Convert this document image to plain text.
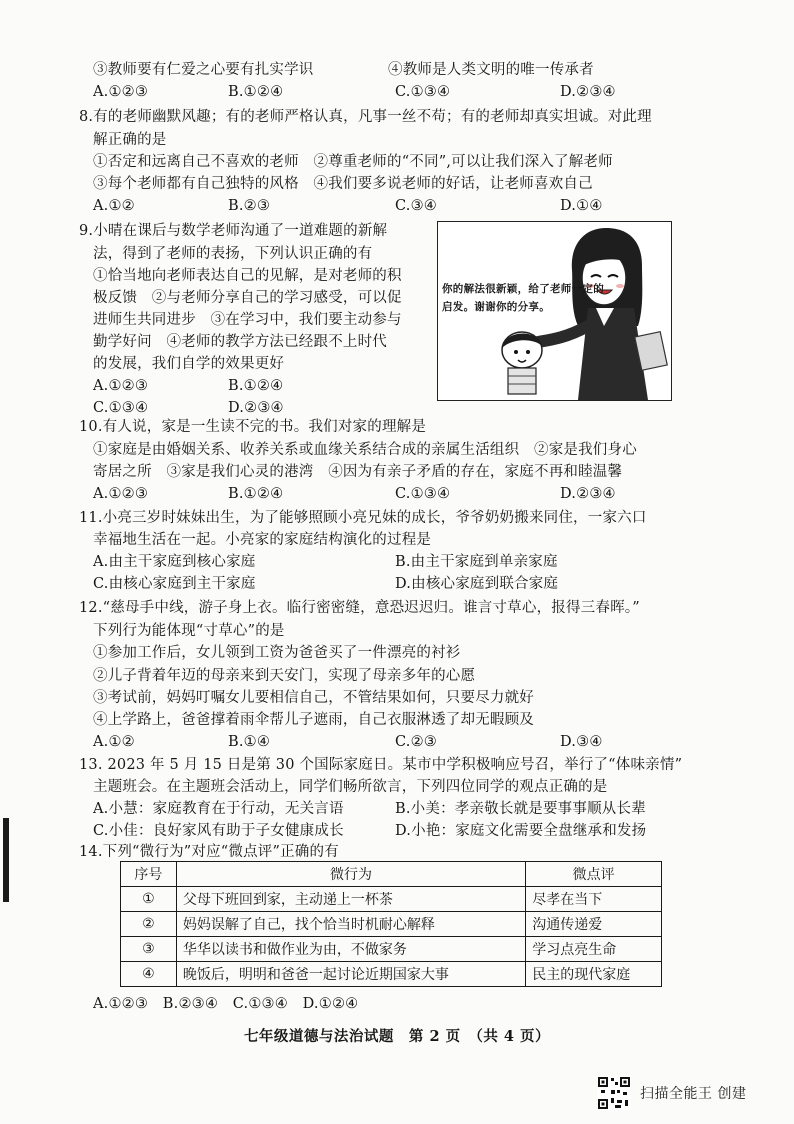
③教师要有仁爱之心要有扎实学识	④教师是人类文明的唯一传承者
A.①②③	B.①②④	C.①③④	D.②③④
8.有的老师幽默风趣；有的老师严格认真，凡事一丝不苟；有的老师却真实坦诚。对此理
解正确的是
①否定和远离自己不喜欢的老师　②尊重老师的“不同”,可以让我们深入了解老师
③每个老师都有自己独特的风格　④我们要多说老师的好话，让老师喜欢自己
A.①②	B.②③	C.③④	D.①④
9.小晴在课后与数学老师沟通了一道难题的新解
法，得到了老师的表扬，下列认识正确的有
①恰当地向老师表达自己的见解，是对老师的积
极反馈　②与老师分享自己的学习感受，可以促
进师生共同进步　③在学习中，我们要主动参与
勤学好问　④老师的教学方法已经跟不上时代
的发展，我们自学的效果更好
A.①②③	B.①②④
C.①③④	D.②③④
你的解法很新颖，给了老师一定的启发。谢谢你的分享。
10.有人说，家是一生读不完的书。我们对家的理解是
①家庭是由婚姻关系、收养关系或血缘关系结合成的亲属生活组织　②家是我们身心
寄居之所　③家是我们心灵的港湾　④因为有亲子矛盾的存在，家庭不再和睦温馨
A.①②③	B.①②④	C.①③④	D.②③④
11.小亮三岁时妹妹出生，为了能够照顾小亮兄妹的成长，爷爷奶奶搬来同住，一家六口
幸福地生活在一起。小亮家的家庭结构演化的过程是
A.由主干家庭到核心家庭	B.由主干家庭到单亲家庭
C.由核心家庭到主干家庭	D.由核心家庭到联合家庭
12.“慈母手中线，游子身上衣。临行密密缝，意恐迟迟归。谁言寸草心，报得三春晖。”
下列行为能体现“寸草心”的是
①参加工作后，女儿领到工资为爸爸买了一件漂亮的衬衫
②儿子背着年迈的母亲来到天安门，实现了母亲多年的心愿
③考试前，妈妈叮嘱女儿要相信自己，不管结果如何，只要尽力就好
④上学路上，爸爸撑着雨伞帮儿子遮雨，自己衣服淋透了却无暇顾及
A.①②	B.①④	C.②③	D.③④
13. 2023 年 5 月 15 日是第 30 个国际家庭日。某市中学积极响应号召，举行了“体味亲情”
主题班会。在主题班会活动上，同学们畅所欲言，下列四位同学的观点正确的是
A.小慧：家庭教育在于行动，无关言语	B.小美：孝亲敬长就是要事事顺从长辈
C.小佳：良好家风有助于子女健康成长	D.小艳：家庭文化需要全盘继承和发扬
14.下列“微行为”对应“微点评”正确的有
序号	微行为	微点评
①	父母下班回到家，主动递上一杯茶	尽孝在当下
②	妈妈误解了自己，找个恰当时机耐心解释	沟通传递爱
③	华华以读书和做作业为由，不做家务	学习点亮生命
④	晚饭后，明明和爸爸一起讨论近期国家大事	民主的现代家庭
A.①②③　B.②③④　C.①③④　D.①②④
七年级道德与法治试题　第 2 页　（共 4 页）
扫描全能王 创建
